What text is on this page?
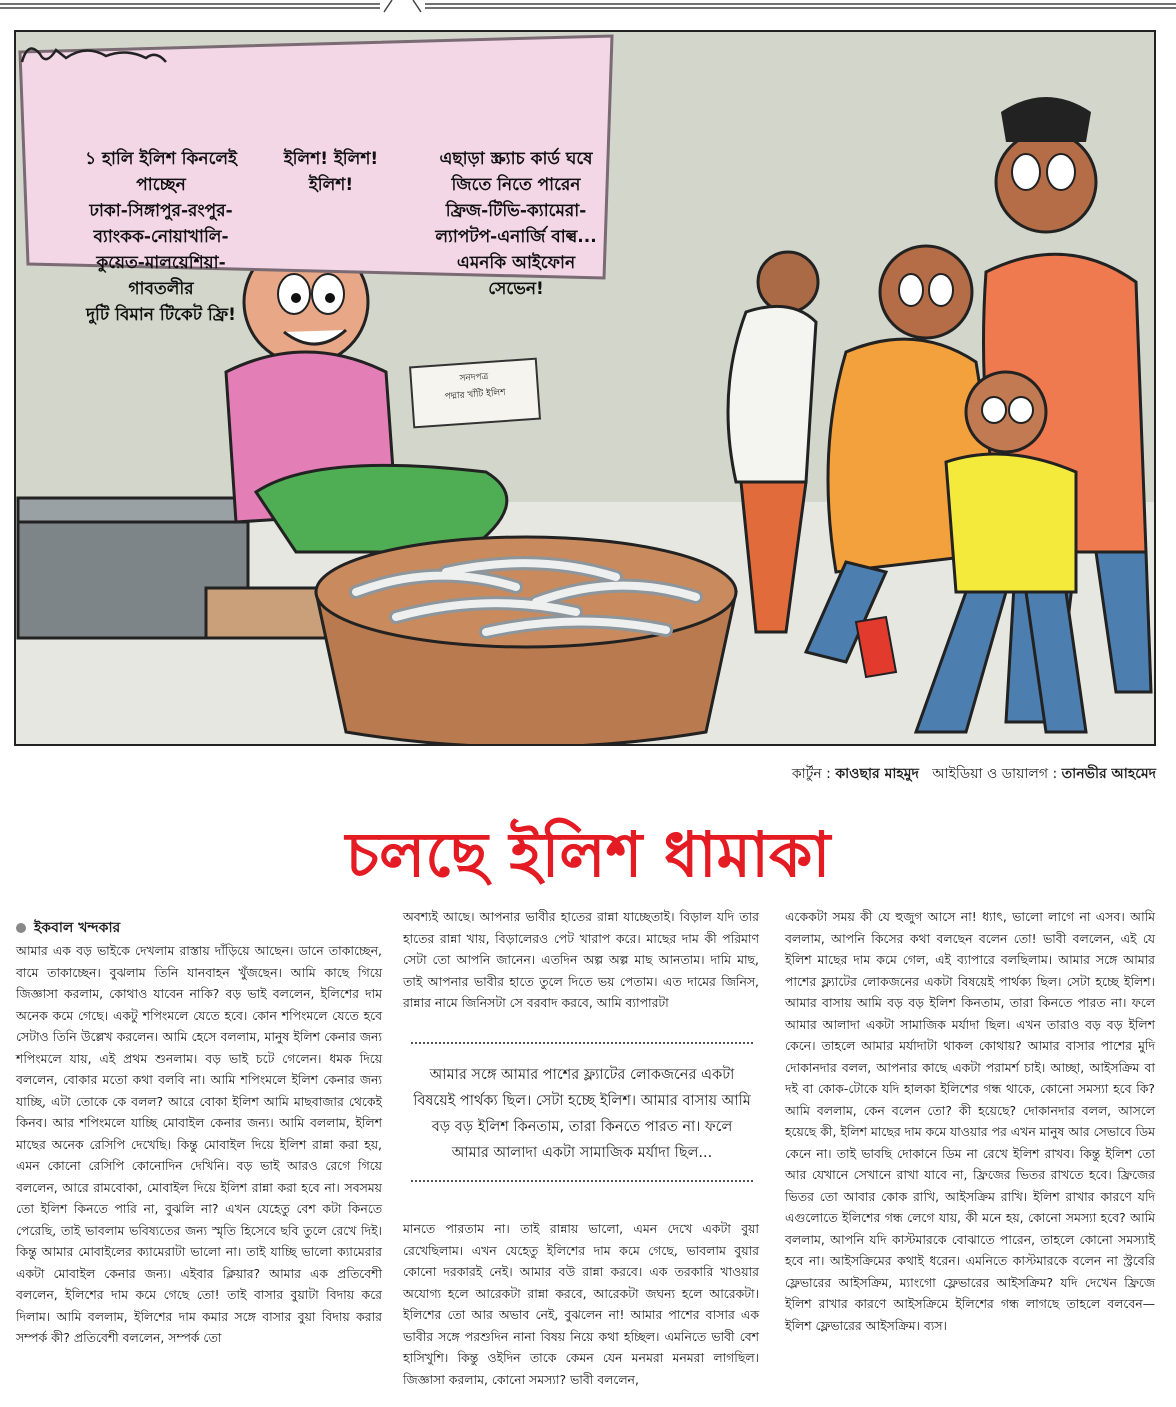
১ হালি ইলিশ কিনলেই
পাচ্ছেন
ঢাকা-সিঙ্গাপুর-রংপুর-
ব্যাংকক-নোয়াখালি-
কুয়েত-মালয়েশিয়া-
গাবতলীর
দুটি বিমান টিকেট ফ্রি!
ইলিশ! ইলিশ!
ইলিশ!
এছাড়া স্ক্র্যাচ কার্ড ঘষে
জিতে নিতে পারেন
ফ্রিজ-টিভি-ক্যামেরা-
ল্যাপটপ-এনার্জি বাল্ব...
এমনকি আইফোন
সেভেন!
সনদপত্র
পদ্মার খাঁটি ইলিশ
কার্টুন : কাওছার মাহমুদ আইডিয়া ও ডায়ালগ : তানভীর আহমেদ
চলছে ইলিশ ধামাকা
ইকবাল খন্দকার
আমার এক বড় ভাইকে দেখলাম রাস্তায় দাঁড়িয়ে আছেন। ডানে তাকাচ্ছেন, বামে তাকাচ্ছেন। বুঝলাম তিনি যানবাহন খুঁজছেন। আমি কাছে গিয়ে জিজ্ঞাসা করলাম, কোথাও যাবেন নাকি? বড় ভাই বললেন, ইলিশের দাম অনেক কমে গেছে। একটু শপিংমলে যেতে হবে। কোন শপিংমলে যেতে হবে সেটাও তিনি উল্লেখ করলেন। আমি হেসে বললাম, মানুষ ইলিশ কেনার জন্য শপিংমলে যায়, এই প্রথম শুনলাম। বড় ভাই চটে গেলেন। ধমক দিয়ে বললেন, বোকার মতো কথা বলবি না। আমি শপিংমলে ইলিশ কেনার জন্য যাচ্ছি, এটা তোকে কে বলল? আরে বোকা ইলিশ আমি মাছবাজার থেকেই কিনব। আর শপিংমলে যাচ্ছি মোবাইল কেনার জন্য। আমি বললাম, ইলিশ মাছের অনেক রেসিপি দেখেছি। কিন্তু মোবাইল দিয়ে ইলিশ রান্না করা হয়, এমন কোনো রেসিপি কোনোদিন দেখিনি। বড় ভাই আরও রেগে গিয়ে বললেন, আরে রামবোকা, মোবাইল দিয়ে ইলিশ রান্না করা হবে না। সবসময় তো ইলিশ কিনতে পারি না, বুঝলি না? এখন যেহেতু বেশ কটা কিনতে পেরেছি, তাই ভাবলাম ভবিষ্যতের জন্য স্মৃতি হিসেবে ছবি তুলে রেখে দিই। কিন্তু আমার মোবাইলের ক্যামেরাটা ভালো না। তাই যাচ্ছি ভালো ক্যামেরার একটা মোবাইল কেনার জন্য। এইবার ক্লিয়ার? আমার এক প্রতিবেশী বললেন, ইলিশের দাম কমে গেছে তো! তাই বাসার বুয়াটা বিদায় করে দিলাম। আমি বললাম, ইলিশের দাম কমার সঙ্গে বাসার বুয়া বিদায় করার সম্পর্ক কী? প্রতিবেশী বললেন, সম্পর্ক তো
অবশ্যই আছে। আপনার ভাবীর হাতের রান্না যাচ্ছেতাই। বিড়াল যদি তার হাতের রান্না খায়, বিড়ালেরও পেট খারাপ করে। মাছের দাম কী পরিমাণ সেটা তো আপনি জানেন। এতদিন অল্প অল্প মাছ আনতাম। দামি মাছ, তাই আপনার ভাবীর হাতে তুলে দিতে ভয় পেতাম। এত দামের জিনিস, রান্নার নামে জিনিসটা সে বরবাদ করবে, আমি ব্যাপারটা
আমার সঙ্গে আমার পাশের ফ্ল্যাটের লোকজনের একটা বিষয়েই পার্থক্য ছিল। সেটা হচ্ছে ইলিশ। আমার বাসায় আমি বড় বড় ইলিশ কিনতাম, তারা কিনতে পারত না। ফলে আমার আলাদা একটা সামাজিক মর্যাদা ছিল...
মানতে পারতাম না। তাই রান্নায় ভালো, এমন দেখে একটা বুয়া রেখেছিলাম। এখন যেহেতু ইলিশের দাম কমে গেছে, ভাবলাম বুয়ার কোনো দরকারই নেই। আমার বউ রান্না করবে। এক তরকারি খাওয়ার অযোগ্য হলে আরেকটা রান্না করবে, আরেকটা জঘন্য হলে আরেকটা। ইলিশের তো আর অভাব নেই, বুঝলেন না! আমার পাশের বাসার এক ভাবীর সঙ্গে পরশুদিন নানা বিষয় নিয়ে কথা হচ্ছিল। এমনিতে ভাবী বেশ হাসিখুশি। কিন্তু ওইদিন তাকে কেমন যেন মনমরা মনমরা লাগছিল। জিজ্ঞাসা করলাম, কোনো সমস্যা? ভাবী বললেন,
একেকটা সময় কী যে হুজুগ আসে না! ধ্যাৎ, ভালো লাগে না এসব। আমি বললাম, আপনি কিসের কথা বলছেন বলেন তো! ভাবী বললেন, এই যে ইলিশ মাছের দাম কমে গেল, এই ব্যাপারে বলছিলাম। আমার সঙ্গে আমার পাশের ফ্ল্যাটের লোকজনের একটা বিষয়েই পার্থক্য ছিল। সেটা হচ্ছে ইলিশ। আমার বাসায় আমি বড় বড় ইলিশ কিনতাম, তারা কিনতে পারত না। ফলে আমার আলাদা একটা সামাজিক মর্যাদা ছিল। এখন তারাও বড় বড় ইলিশ কেনে। তাহলে আমার মর্যাদাটা থাকল কোথায়? আমার বাসার পাশের মুদি দোকানদার বলল, আপনার কাছে একটা পরামর্শ চাই। আচ্ছা, আইসক্রিম বা দই বা কোক-টোকে যদি হালকা ইলিশের গন্ধ থাকে, কোনো সমস্যা হবে কি? আমি বললাম, কেন বলেন তো? কী হয়েছে? দোকানদার বলল, আসলে হয়েছে কী, ইলিশ মাছের দাম কমে যাওয়ার পর এখন মানুষ আর সেভাবে ডিম কেনে না। তাই ভাবছি দোকানে ডিম না রেখে ইলিশ রাখব। কিন্তু ইলিশ তো আর যেখানে সেখানে রাখা যাবে না, ফ্রিজের ভিতর রাখতে হবে। ফ্রিজের ভিতর তো আবার কোক রাখি, আইসক্রিম রাখি। ইলিশ রাখার কারণে যদি এগুলোতে ইলিশের গন্ধ লেগে যায়, কী মনে হয়, কোনো সমস্যা হবে? আমি বললাম, আপনি যদি কাস্টমারকে বোঝাতে পারেন, তাহলে কোনো সমস্যাই হবে না। আইসক্রিমের কথাই ধরেন। এমনিতে কাস্টমারকে বলেন না স্ট্রবেরি ফ্লেভারের আইসক্রিম, ম্যাংগো ফ্লেভারের আইসক্রিম? যদি দেখেন ফ্রিজে ইলিশ রাখার কারণে আইসক্রিমে ইলিশের গন্ধ লাগছে তাহলে বলবেন— ইলিশ ফ্লেভারের আইসক্রিম। ব্যস।
